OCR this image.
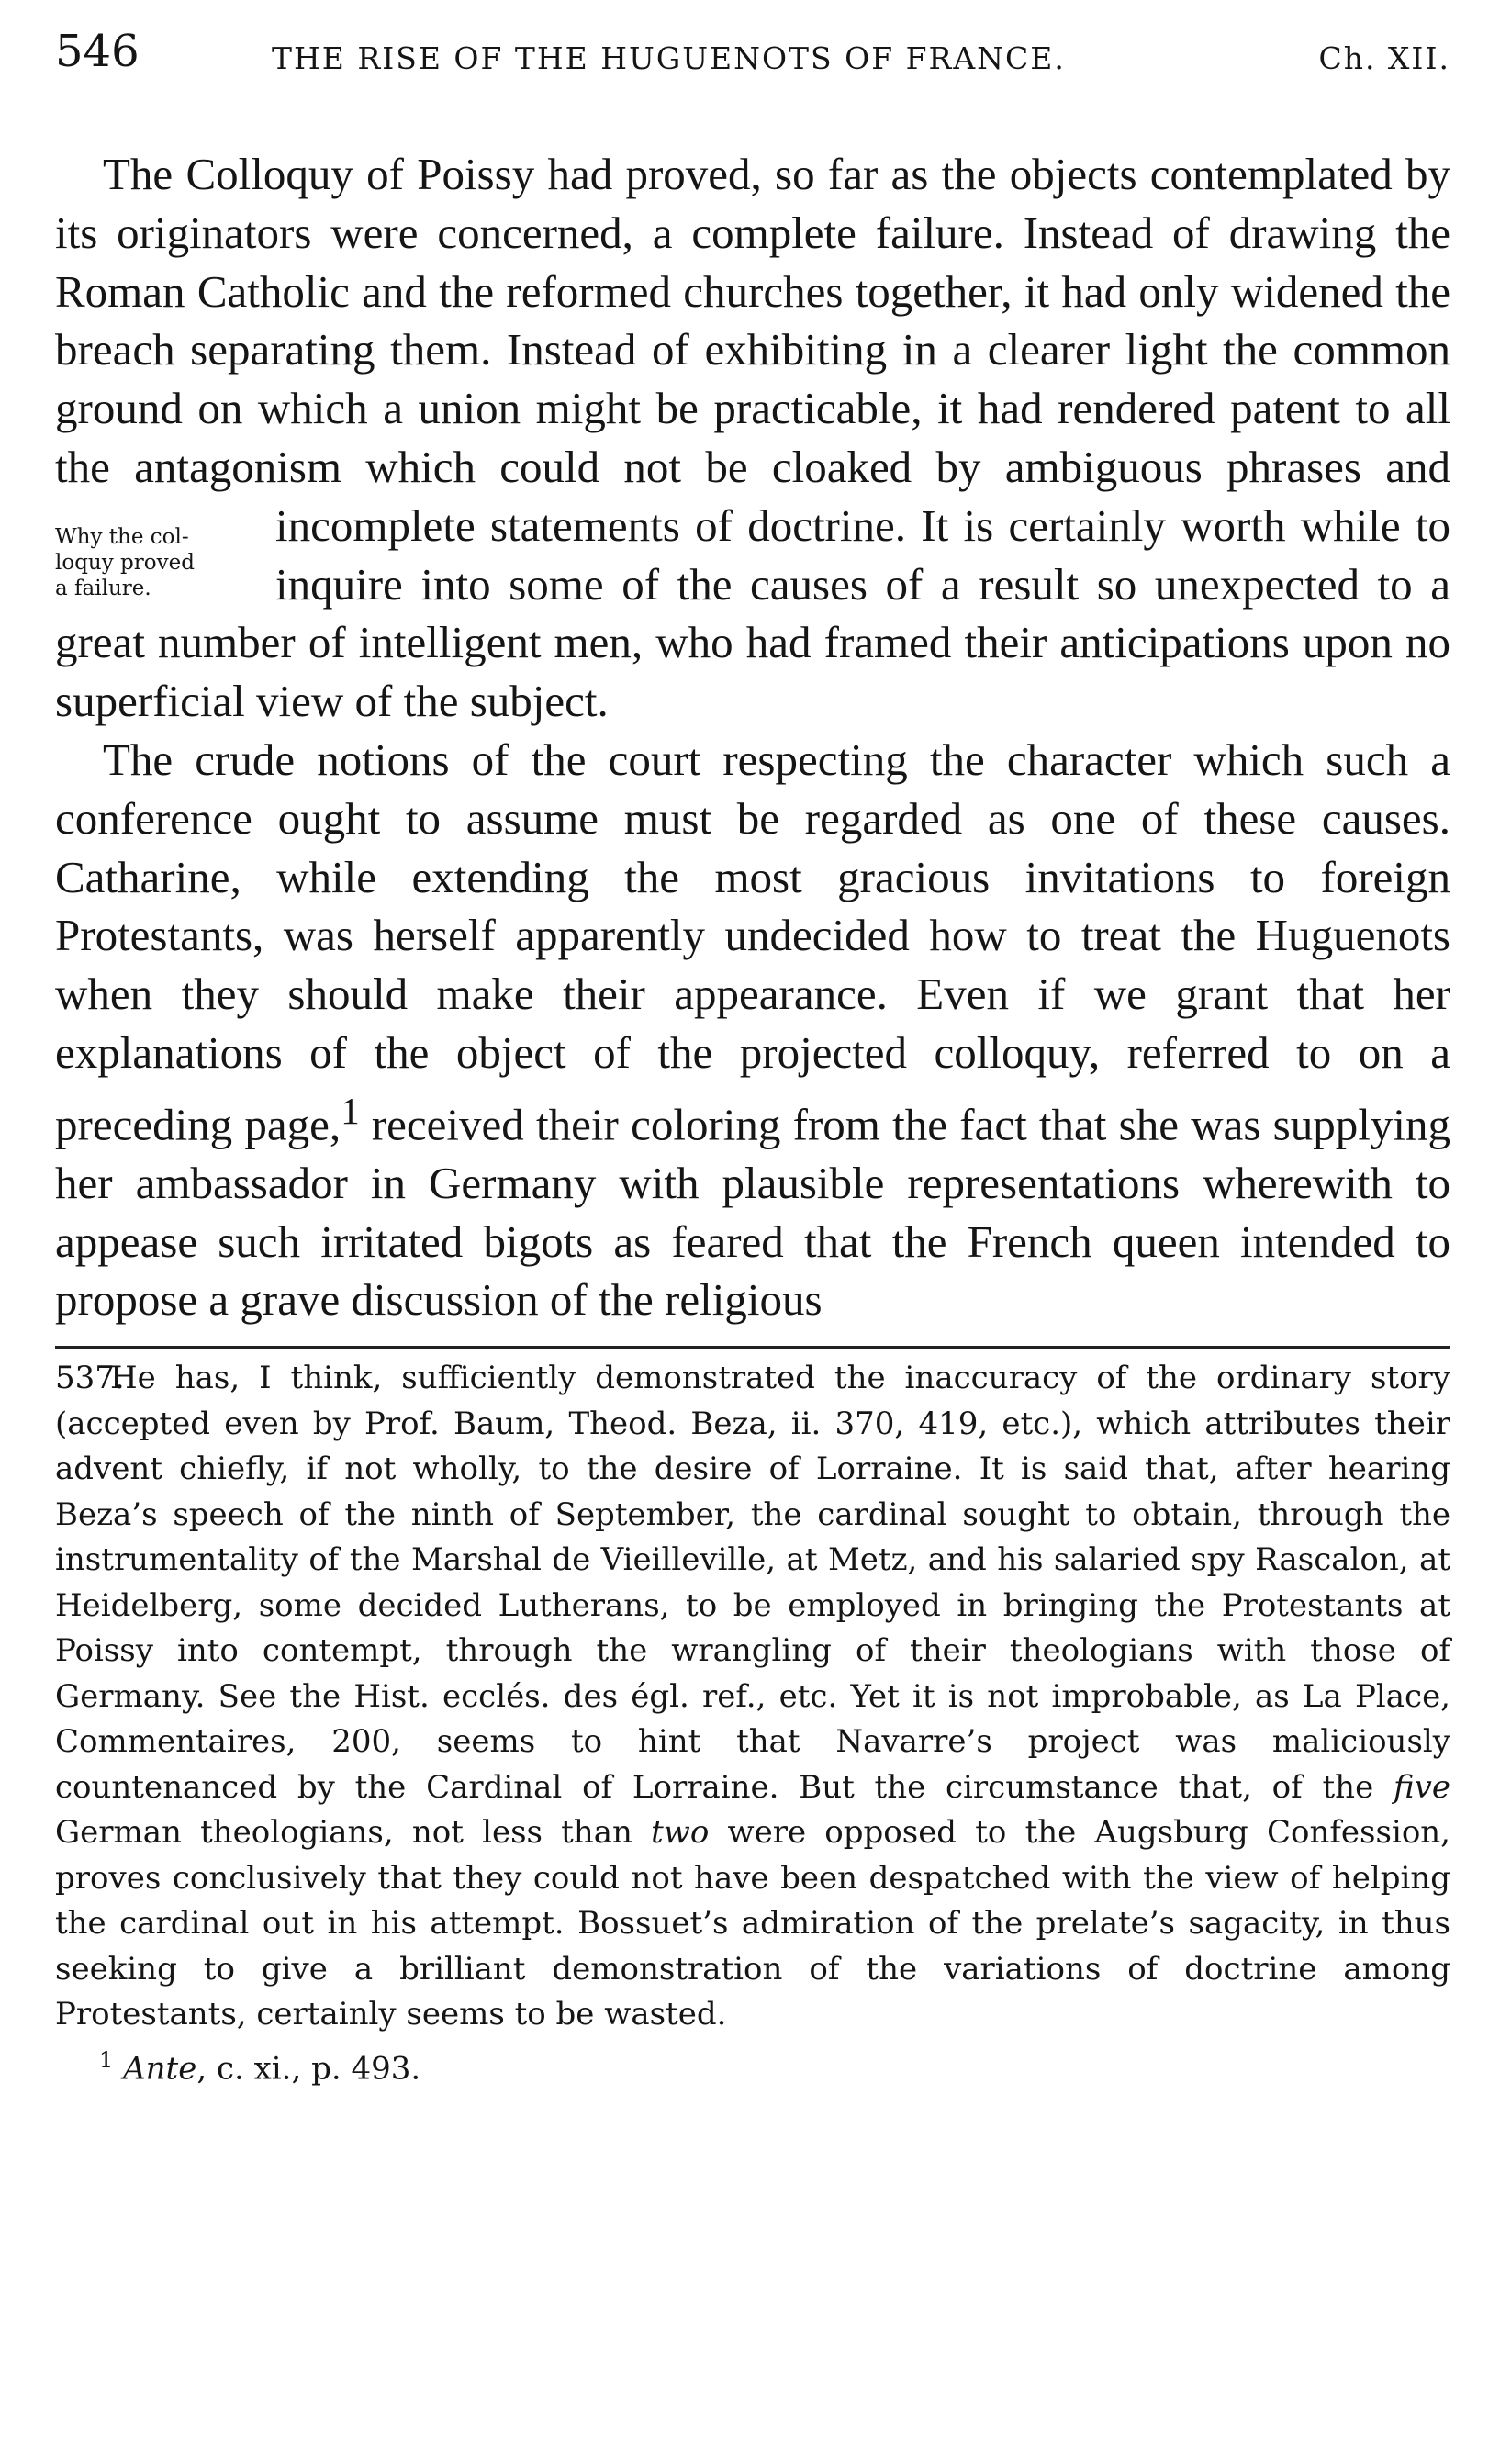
546	THE RISE OF THE HUGUENOTS OF FRANCE.	Ch. XII.

The Colloquy of Poissy had proved, so far as the objects contemplated by its originators were concerned, a complete failure. Instead of drawing the Roman Catholic and the reformed churches together, it had only widened the breach separating them. Instead of exhibiting in a clearer light the common ground on which a union might be practicable, it had rendered patent to all the antagonism which could not be cloaked by ambiguous phrases and incomplete statements of doctrine. It
Why the col-
loquy proved
a failure.
is certainly worth while to inquire into some of the causes of a result so unexpected to a great number of intelligent men, who had framed their anticipations upon no superficial view of the subject.

The crude notions of the court respecting the character which such a conference ought to assume must be regarded as one of these causes. Catharine, while extending the most gracious invitations to foreign Protestants, was herself apparently undecided how to treat the Huguenots when they should make their appearance. Even if we grant that her explanations of the object of the projected colloquy, referred to on a preceding page,$^1$ received their coloring from the fact that she was supplying her ambassador in Germany with plausible representations wherewith to appease such irritated bigots as feared that the French queen intended to propose a grave discussion of the religious

537.He has, I think, sufficiently demonstrated the inaccuracy of the ordinary story (accepted even by Prof. Baum, Theod. Beza, ii. 370, 419, etc.), which attributes their advent chiefly, if not wholly, to the desire of Lorraine. It is said that, after hearing Beza’s speech of the ninth of September, the cardinal sought to obtain, through the instrumentality of the Marshal de Vieilleville, at Metz, and his salaried spy Rascalon, at Heidelberg, some decided Lutherans, to be employed in bringing the Protestants at Poissy into contempt, through the wrangling of their theologians with those of Germany. See the Hist. ecclés. des égl. ref., etc. Yet it is not improbable, as La Place, Commentaires, 200, seems to hint that Navarre’s project was maliciously countenanced by the Cardinal of Lorraine. But the circumstance that, of the five German theologians, not less than two were opposed to the Augsburg Confession, proves conclusively that they could not have been despatched with the view of helping the cardinal out in his attempt. Bossuet’s admiration of the prelate’s sagacity, in thus seeking to give a brilliant demonstration of the variations of doctrine among Protestants, certainly seems to be wasted.

$^1$ Ante, c. xi., p. 493.
